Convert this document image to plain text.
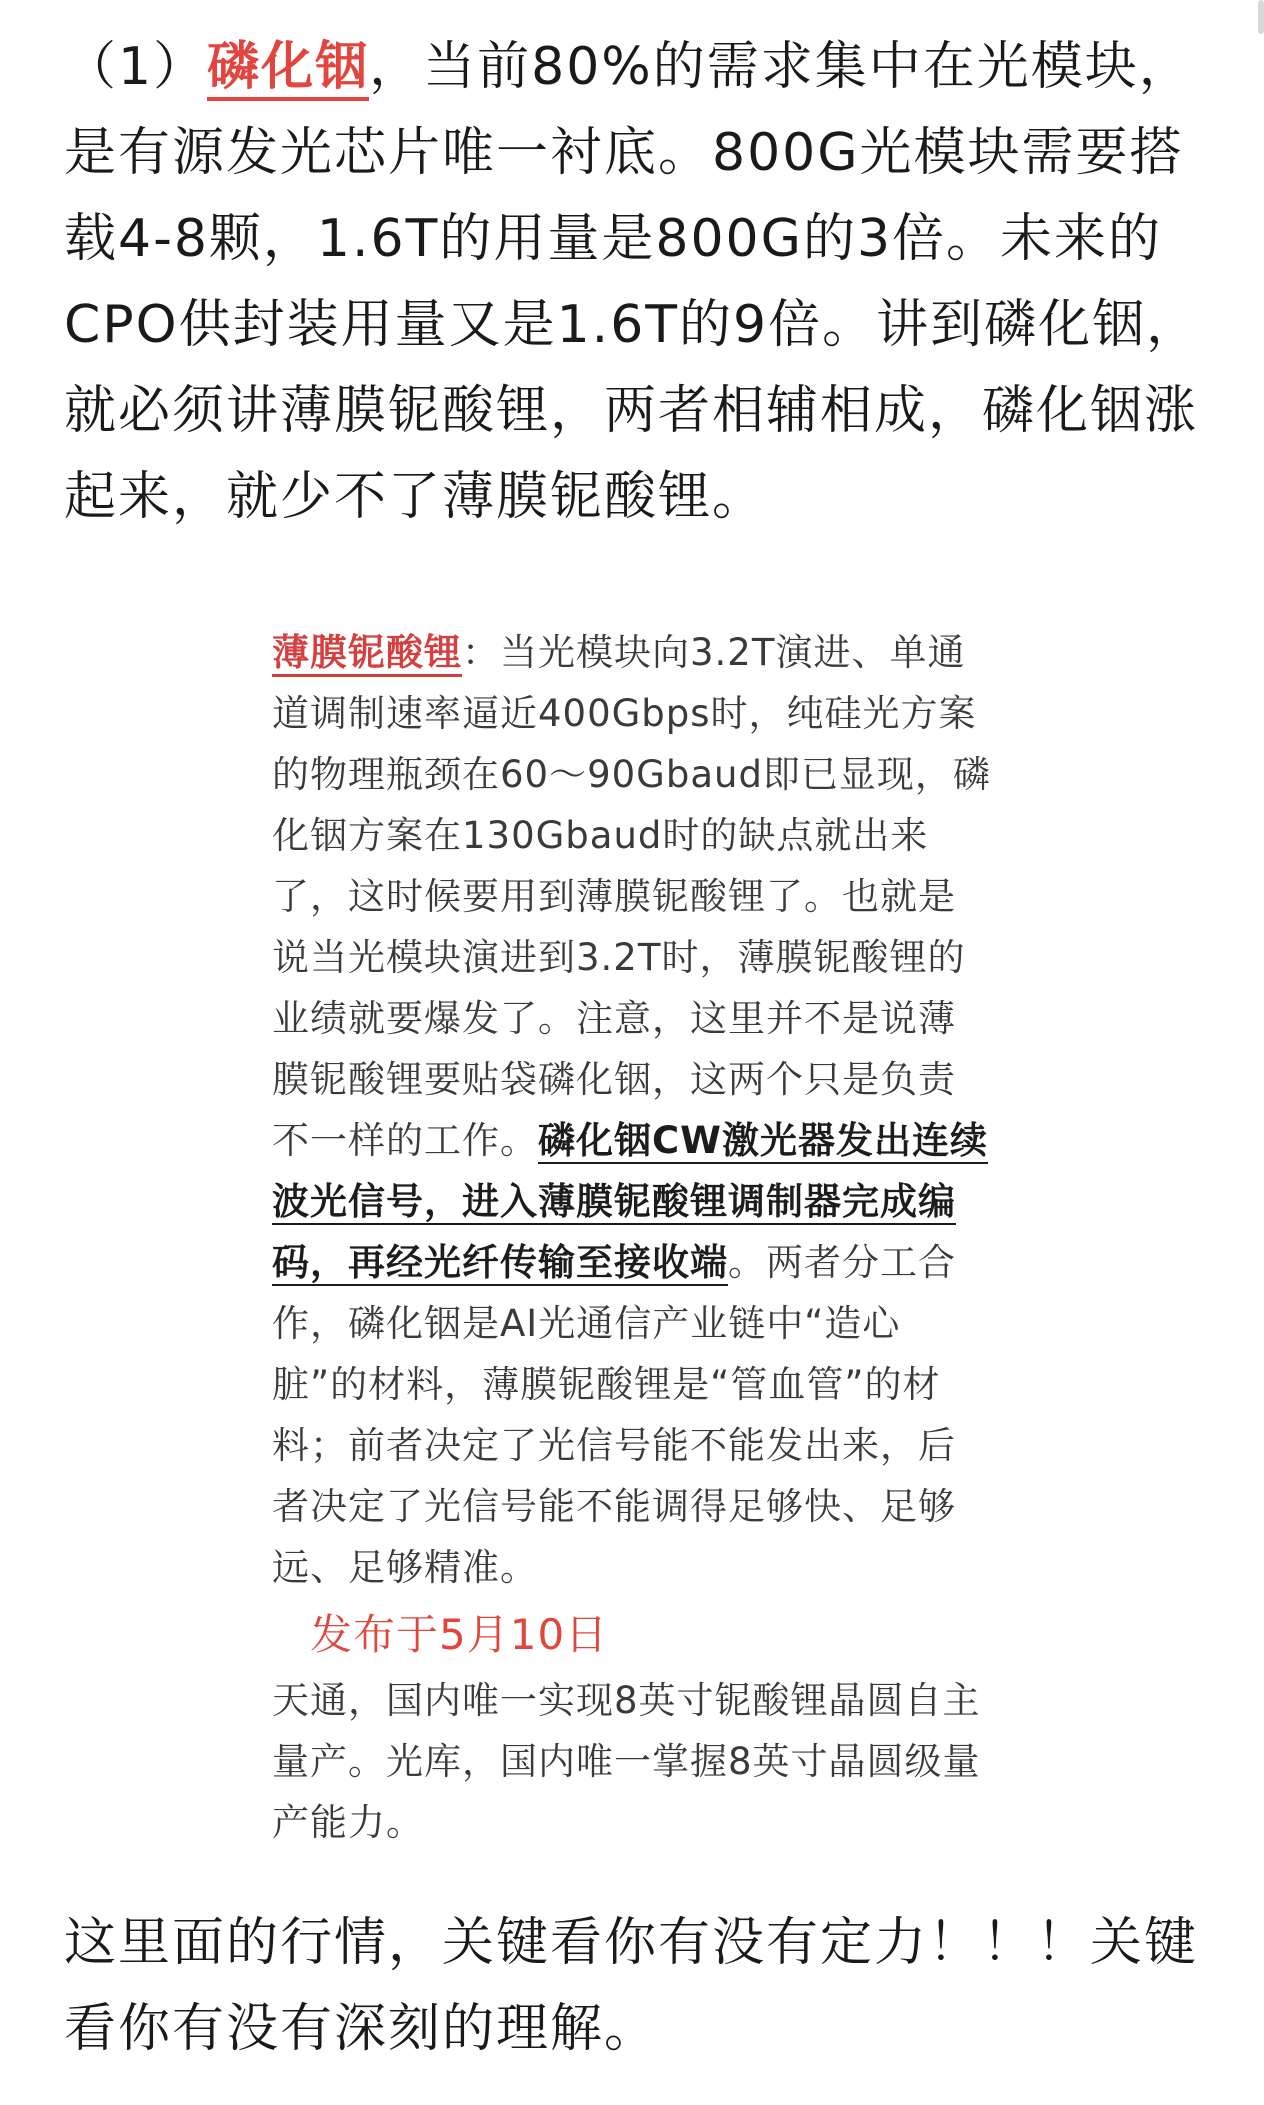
（1）磷化铟，当前80%的需求集中在光模块，是有源发光芯片唯一衬底。800G光模块需要搭载4-8颗，1.6T的用量是800G的3倍。未来的CPO供封装用量又是1.6T的9倍。讲到磷化铟，就必须讲薄膜铌酸锂，两者相辅相成，磷化铟涨起来，就少不了薄膜铌酸锂。

薄膜铌酸锂：当光模块向3.2T演进、单通道调制速率逼近400Gbps时，纯硅光方案的物理瓶颈在60～90Gbaud即已显现，磷化铟方案在130Gbaud时的缺点就出来了，这时候要用到薄膜铌酸锂了。也就是说当光模块演进到3.2T时，薄膜铌酸锂的业绩就要爆发了。注意，这里并不是说薄膜铌酸锂要贴袋磷化铟，这两个只是负责不一样的工作。磷化铟CW激光器发出连续波光信号，进入薄膜铌酸锂调制器完成编码，再经光纤传输至接收端。两者分工合作，磷化铟是AI光通信产业链中“造心脏”的材料，薄膜铌酸锂是“管血管”的材料；前者决定了光信号能不能发出来，后者决定了光信号能不能调得足够快、足够远、足够精准。

发布于5月10日

天通，国内唯一实现8英寸铌酸锂晶圆自主量产。光库，国内唯一掌握8英寸晶圆级量产能力。

这里面的行情，关键看你有没有定力！！！关键看你有没有深刻的理解。
